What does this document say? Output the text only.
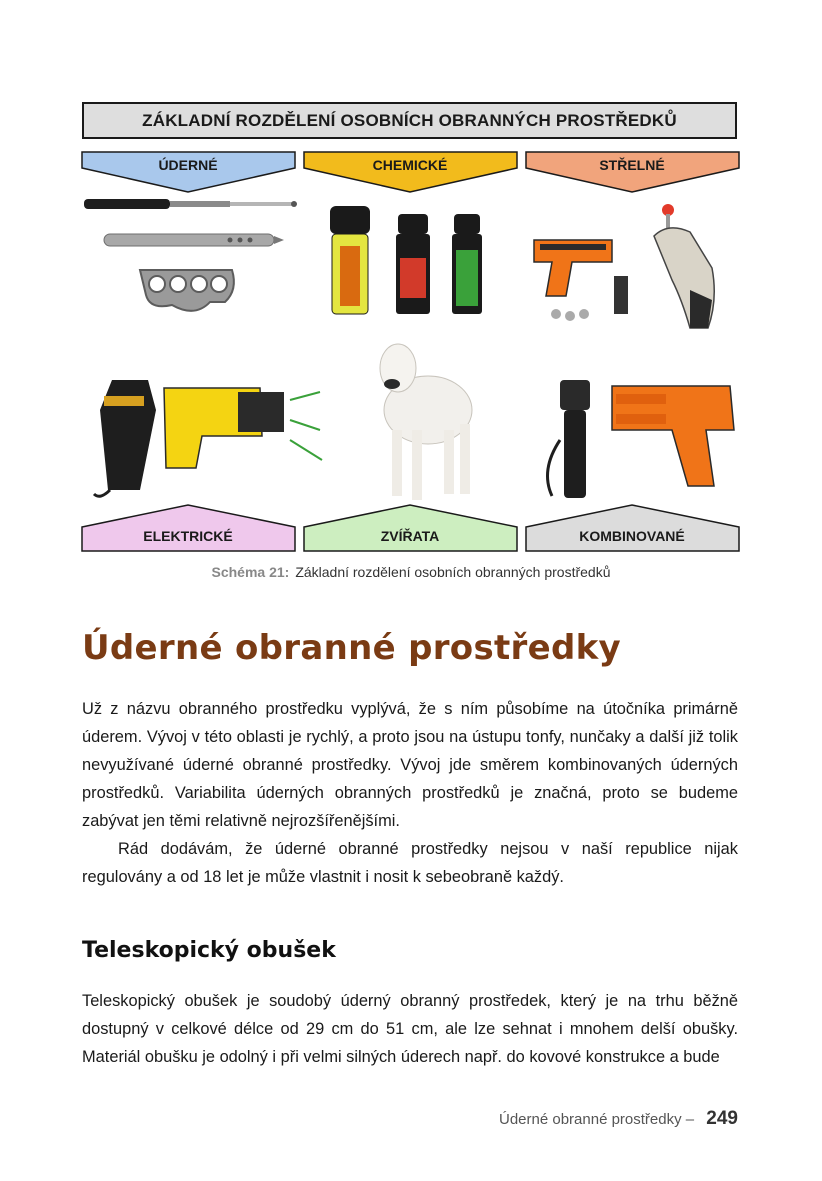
ZÁKLADNÍ ROZDĚLENÍ OSOBNÍCH OBRANNÝCH PROSTŘEDKŮ
ÚDERNÉ	CHEMICKÉ	STŘELNÉ
ELEKTRICKÉ	ZVÍŘATA	KOMBINOVANÉ
Schéma 21: Základní rozdělení osobních obranných prostředků
Úderné obranné prostředky

Už z názvu obranného prostředku vyplývá, že s ním působíme na útočníka primárně úderem. Vývoj v této oblasti je rychlý, a proto jsou na ústupu tonfy, nunčaky a další již tolik nevyužívané úderné obranné prostředky. Vývoj jde směrem kombinovaných úderných prostředků. Variabilita úderných obranných prostředků je značná, proto se budeme zabývat jen těmi relativně nejrozšířenějšími.

Rád dodávám, že úderné obranné prostředky nejsou v naší republice nijak regulovány a od 18 let je může vlastnit i nosit k sebeobraně každý.

Teleskopický obušek

Teleskopický obušek je soudobý úderný obranný prostředek, který je na trhu běžně dostupný v celkové délce od 29 cm do 51 cm, ale lze sehnat i mnohem delší obušky. Materiál obušku je odolný i při velmi silných úderech např. do kovové konstrukce a bude

Úderné obranné prostředky – 249
